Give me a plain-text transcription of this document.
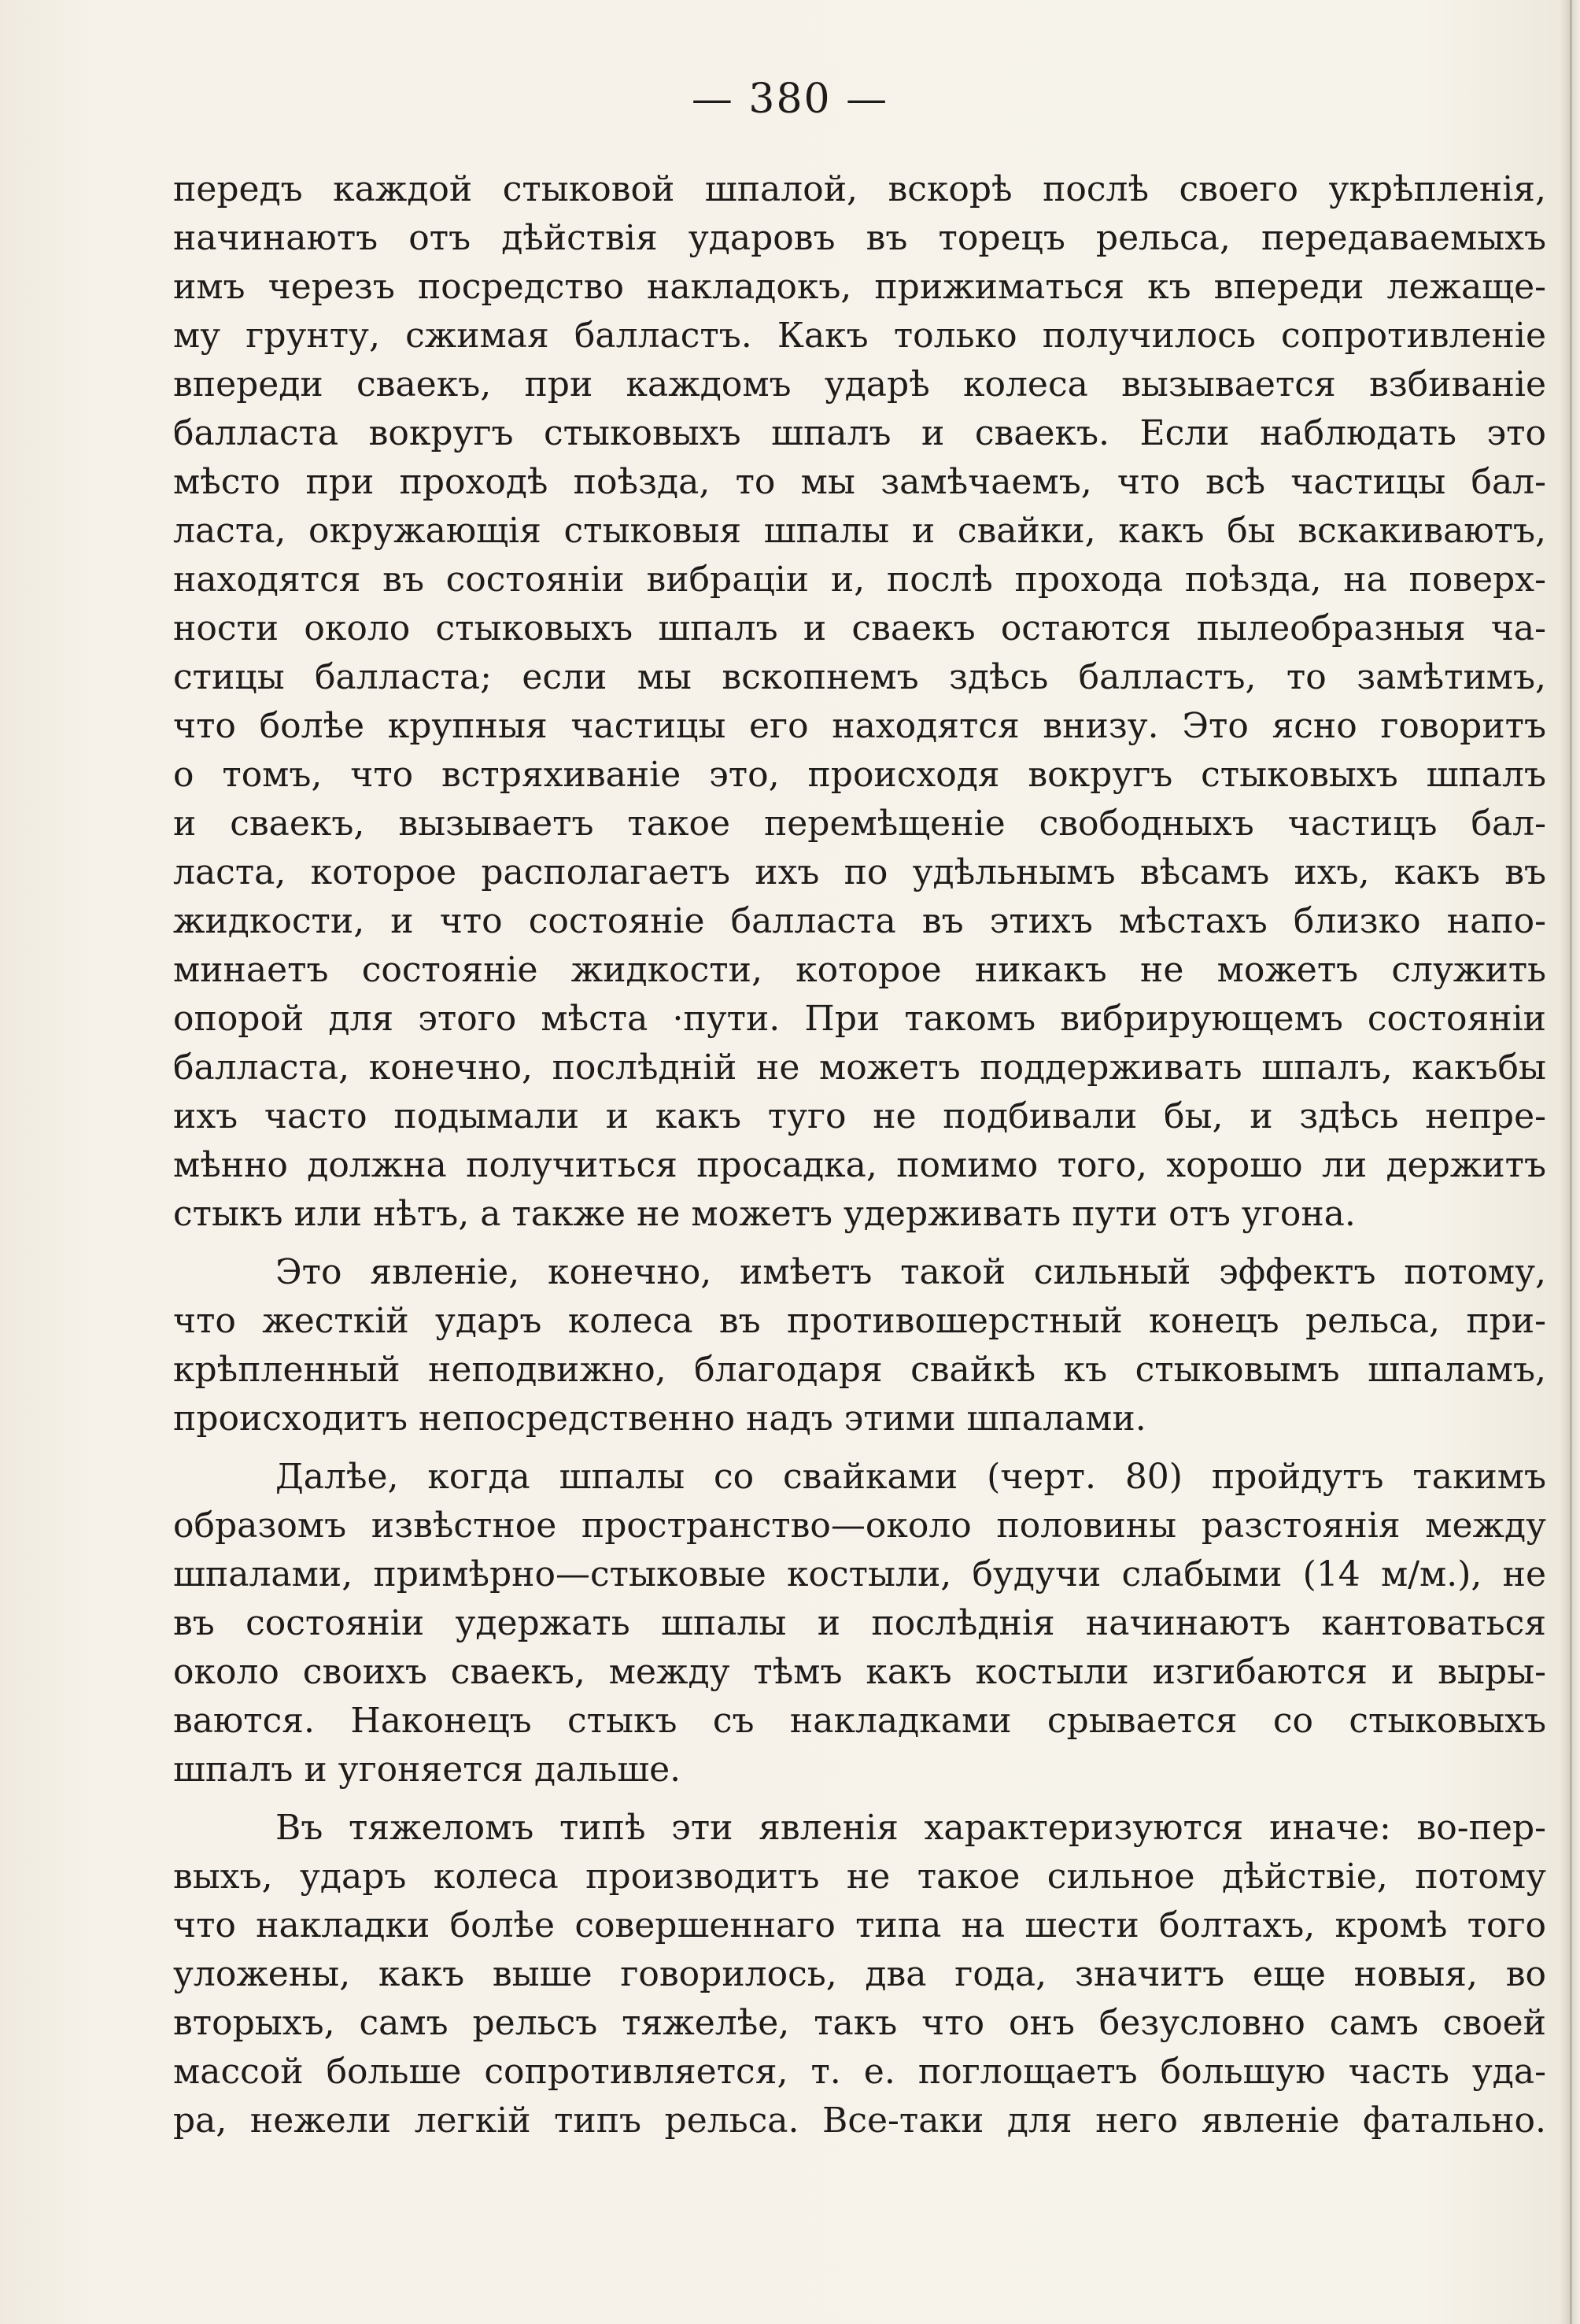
— 380 —
передъ каждой стыковой шпалой, вскорѣ послѣ своего укрѣпленія,
начинаютъ отъ дѣйствія ударовъ въ торецъ рельса, передаваемыхъ
имъ черезъ посредство накладокъ, прижиматься къ впереди лежаще-
му грунту, сжимая балластъ. Какъ только получилось сопротивленіе
впереди сваекъ, при каждомъ ударѣ колеса вызывается взбиваніе
балласта вокругъ стыковыхъ шпалъ и сваекъ. Если наблюдать это
мѣсто при проходѣ поѣзда, то мы замѣчаемъ, что всѣ частицы бал-
ласта, окружающія стыковыя шпалы и свайки, какъ бы вскакиваютъ,
находятся въ состояніи вибраціи и, послѣ прохода поѣзда, на поверх-
ности около стыковыхъ шпалъ и сваекъ остаются пылеобразныя ча-
стицы балласта; если мы вскопнемъ здѣсь балластъ, то замѣтимъ,
что болѣе крупныя частицы его находятся внизу. Это ясно говоритъ
о томъ, что встряхиваніе это, происходя вокругъ стыковыхъ шпалъ
и сваекъ, вызываетъ такое перемѣщеніе свободныхъ частицъ бал-
ласта, которое располагаетъ ихъ по удѣльнымъ вѣсамъ ихъ, какъ въ
жидкости, и что состояніе балласта въ этихъ мѣстахъ близко напо-
минаетъ состояніе жидкости, которое никакъ не можетъ служить
опорой для этого мѣста ·пути. При такомъ вибрирующемъ состояніи
балласта, конечно, послѣдній не можетъ поддерживать шпалъ, какъбы
ихъ часто подымали и какъ туго не подбивали бы, и здѣсь непре-
мѣнно должна получиться просадка, помимо того, хорошо ли держитъ
стыкъ или нѣтъ, а также не можетъ удерживать пути отъ угона.
Это явленіе, конечно, имѣетъ такой сильный эффектъ потому,
что жесткій ударъ колеса въ противошерстный конецъ рельса, при-
крѣпленный неподвижно, благодаря свайкѣ къ стыковымъ шпаламъ,
происходитъ непосредственно надъ этими шпалами.
Далѣе, когда шпалы со свайками (черт. 80) пройдутъ такимъ
образомъ извѣстное пространство—около половины разстоянія между
шпалами, примѣрно—стыковые костыли, будучи слабыми (14 м/м.), не
въ состояніи удержать шпалы и послѣднія начинаютъ кантоваться
около своихъ сваекъ, между тѣмъ какъ костыли изгибаются и выры-
ваются. Наконецъ стыкъ съ накладками срывается со стыковыхъ
шпалъ и угоняется дальше.
Въ тяжеломъ типѣ эти явленія характеризуются иначе: во-пер-
выхъ, ударъ колеса производитъ не такое сильное дѣйствіе, потому
что накладки болѣе совершеннаго типа на шести болтахъ, кромѣ того
уложены, какъ выше говорилось, два года, значитъ еще новыя, во
вторыхъ, самъ рельсъ тяжелѣе, такъ что онъ безусловно самъ своей
массой больше сопротивляется, т. е. поглощаетъ большую часть уда-
ра, нежели легкій типъ рельса. Все-таки для него явленіе фатально.
